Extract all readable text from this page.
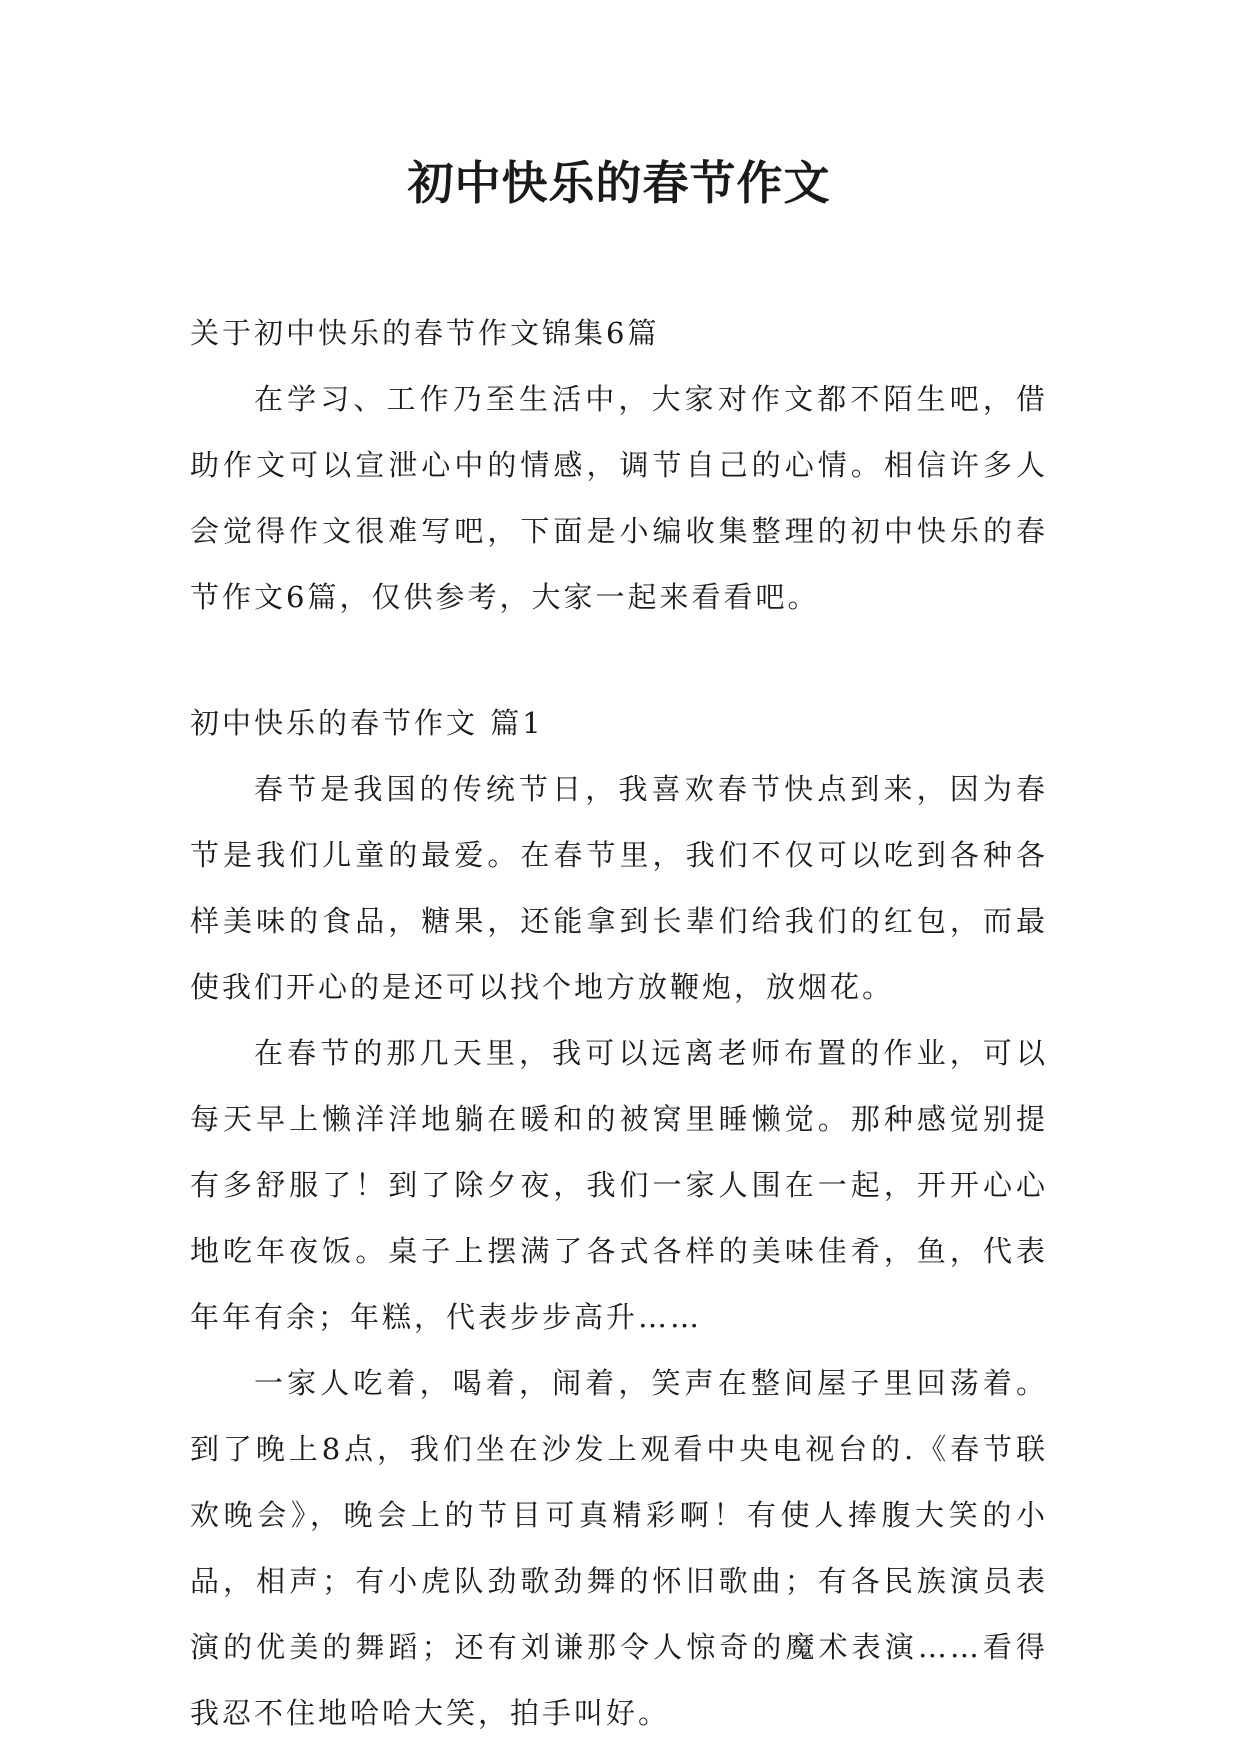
初中快乐的春节作文

关于初中快乐的春节作文锦集6篇

在学习、工作乃至生活中，大家对作文都不陌生吧，借助作文可以宣泄心中的情感，调节自己的心情。相信许多人会觉得作文很难写吧，下面是小编收集整理的初中快乐的春节作文6篇，仅供参考，大家一起来看看吧。

初中快乐的春节作文 篇1

春节是我国的传统节日，我喜欢春节快点到来，因为春节是我们儿童的最爱。在春节里，我们不仅可以吃到各种各样美味的食品，糖果，还能拿到长辈们给我们的红包，而最使我们开心的是还可以找个地方放鞭炮，放烟花。

在春节的那几天里，我可以远离老师布置的作业，可以每天早上懒洋洋地躺在暖和的被窝里睡懒觉。那种感觉别提有多舒服了！到了除夕夜，我们一家人围在一起，开开心心地吃年夜饭。桌子上摆满了各式各样的美味佳肴，鱼，代表年年有余；年糕，代表步步高升……

一家人吃着，喝着，闹着，笑声在整间屋子里回荡着。到了晚上8点，我们坐在沙发上观看中央电视台的.《春节联欢晚会》，晚会上的节目可真精彩啊！有使人捧腹大笑的小品，相声；有小虎队劲歌劲舞的怀旧歌曲；有各民族演员表演的优美的舞蹈；还有刘谦那令人惊奇的魔术表演……看得我忍不住地哈哈大笑，拍手叫好。
